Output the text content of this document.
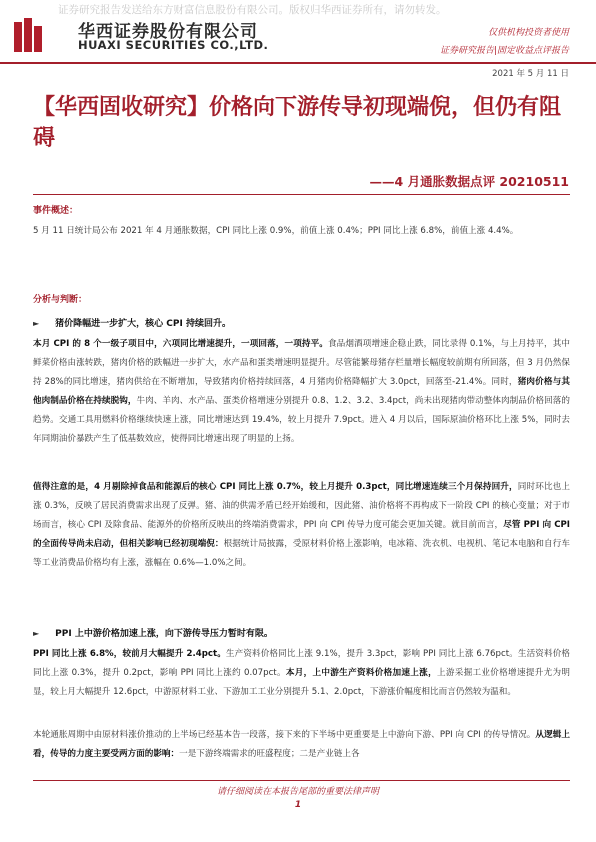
证券研究报告发送给东方财富信息股份有限公司。版权归华西证券所有，请勿转发。
华西证券股份有限公司
HUAXI SECURITIES CO.,LTD.
仅供机构投资者使用
证券研究报告|固定收益点评报告
2021 年 5 月 11 日
【华西固收研究】价格向下游传导初现端倪，但仍有阻碍
——4 月通胀数据点评 20210511
事件概述：

5 月 11 日统计局公布 2021 年 4 月通胀数据，CPI 同比上涨 0.9%，前值上涨 0.4%；PPI 同比上涨 6.8%，前值上涨 4.4%。

分析与判断：
► 猪价降幅进一步扩大，核心 CPI 持续回升。

本月 CPI 的 8 个一级子项目中，六项同比增速提升，一项回落，一项持平。食品烟酒项增速企稳止跌，同比录得 0.1%，与上月持平，其中鲜菜价格由涨转跌，猪肉价格的跌幅进一步扩大，水产品和蛋类增速明显提升。尽管能繁母猪存栏量增长幅度较前期有所回落，但 3 月仍然保持 28%的同比增速，猪肉供给在不断增加，导致猪肉价格持续回落，4 月猪肉价格降幅扩大 3.0pct，回落至-21.4%。同时，猪肉价格与其他肉制品价格在持续脱钩，牛肉、羊肉、水产品、蛋类价格增速分别提升 0.8、1.2、3.2、3.4pct，尚未出现猪肉带动整体肉制品价格回落的趋势。交通工具用燃料价格继续快速上涨，同比增速达到 19.4%，较上月提升 7.9pct。进入 4 月以后，国际原油价格环比上涨 5%，同时去年同期油价暴跌产生了低基数效应，使得同比增速出现了明显的上扬。

值得注意的是，4 月剔除掉食品和能源后的核心 CPI 同比上涨 0.7%，较上月提升 0.3pct，同比增速连续三个月保持回升，同时环比也上涨 0.3%，反映了居民消费需求出现了反弹。猪、油的供需矛盾已经开始缓和，因此猪、油价格将不再构成下一阶段 CPI 的核心变量；对于市场而言，核心 CPI 及除食品、能源外的价格所反映出的终端消费需求，PPI 向 CPI 传导力度可能会更加关键。就目前而言，尽管 PPI 向 CPI 的全面传导尚未启动，但相关影响已经初现端倪：根据统计局披露，受原材料价格上涨影响，电冰箱、洗衣机、电视机、笔记本电脑和自行车等工业消费品价格均有上涨，涨幅在 0.6%—1.0%之间。

► PPI 上中游价格加速上涨，向下游传导压力暂时有限。

PPI 同比上涨 6.8%，较前月大幅提升 2.4pct。生产资料价格同比上涨 9.1%，提升 3.3pct，影响 PPI 同比上涨 6.76pct。生活资料价格同比上涨 0.3%，提升 0.2pct，影响 PPI 同比上涨约 0.07pct。本月，上中游生产资料价格加速上涨，上游采掘工业价格增速提升尤为明显，较上月大幅提升 12.6pct，中游原材料工业、下游加工工业分别提升 5.1、2.0pct，下游涨价幅度相比而言仍然较为温和。

本轮通胀周期中由原材料涨价推动的上半场已经基本告一段落，接下来的下半场中更重要是上中游向下游、PPI 向 CPI 的传导情况。从逻辑上看，传导的力度主要受两方面的影响：一是下游终端需求的旺盛程度；二是产业链上各

请仔细阅读在本报告尾部的重要法律声明
1
